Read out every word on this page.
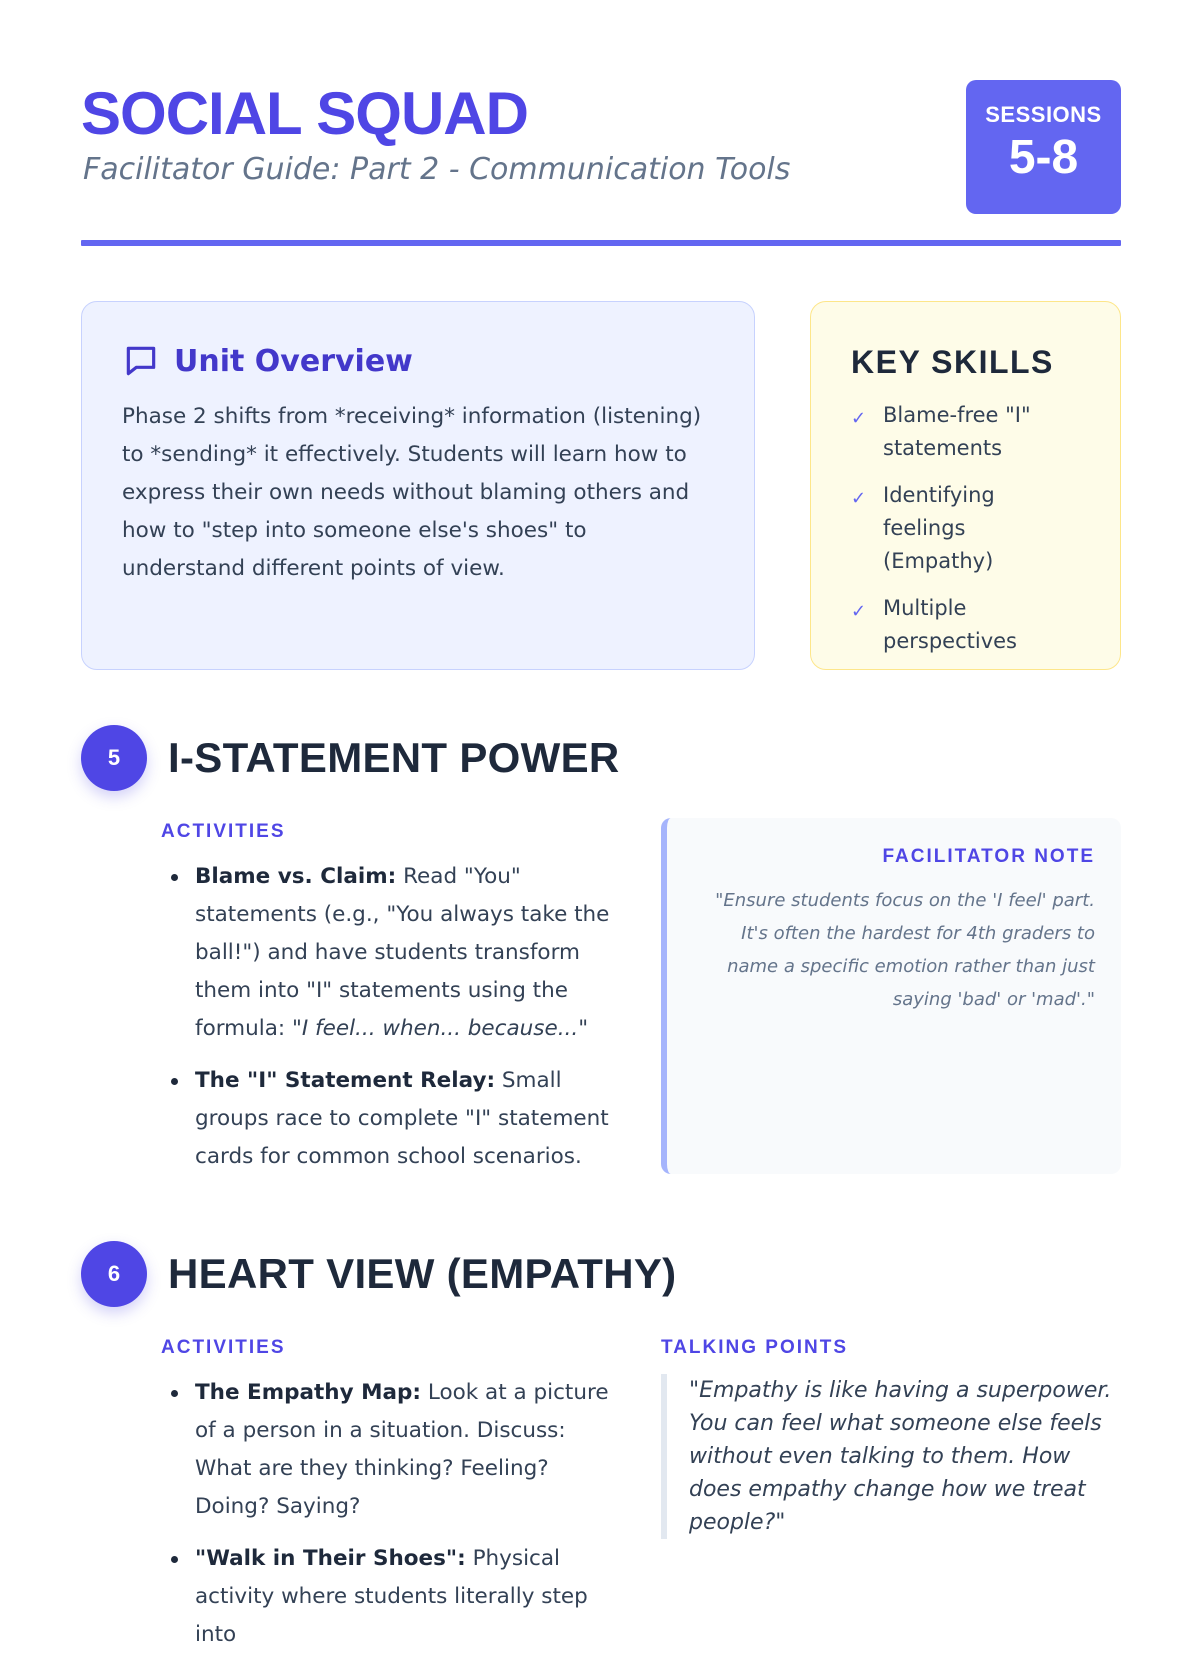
SOCIAL SQUAD
Facilitator Guide: Part 2 - Communication Tools
SESSIONS
5-8
Unit Overview

Phase 2 shifts from *receiving* information (listening) to *sending* it effectively. Students will learn how to express their own needs without blaming others and how to "step into someone else's shoes" to understand different points of view.

KEY SKILLS
✓ Blame-free "I" statements
✓ Identifying feelings (Empathy)
✓ Multiple perspectives
5	I-STATEMENT POWER
ACTIVITIES
Blame vs. Claim: Read "You" statements (e.g., "You always take the ball!") and have students transform them into "I" statements using the formula: "I feel... when... because..."
The "I" Statement Relay: Small groups race to complete "I" statement cards for common school scenarios.
FACILITATOR NOTE

"Ensure students focus on the 'I feel' part. It's often the hardest for 4th graders to name a specific emotion rather than just saying 'bad' or 'mad'."

6	HEART VIEW (EMPATHY)
ACTIVITIES
The Empathy Map: Look at a picture of a person in a situation. Discuss: What are they thinking? Feeling? Doing? Saying?
"Walk in Their Shoes": Physical activity where students literally step into
TALKING POINTS

"Empathy is like having a superpower. You can feel what someone else feels without even talking to them. How does empathy change how we treat people?"
